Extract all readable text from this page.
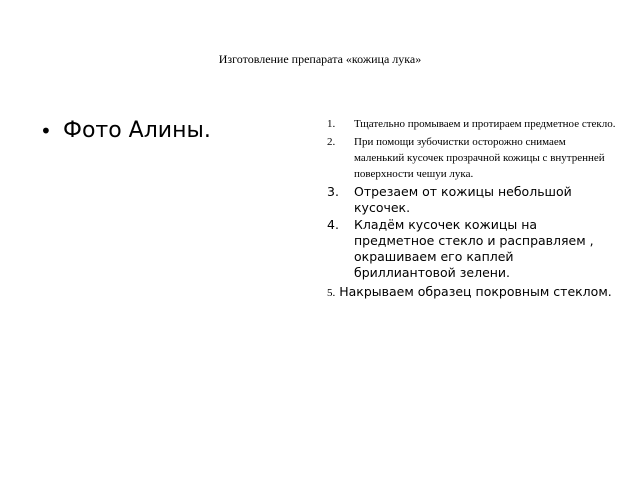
Изготовление препарата «кожица лука»
• Фото Алины.	1.	Тщательно промываем и протираем предметное стекло.
2.	При помощи зубочистки осторожно снимаем маленький кусочек прозрачной кожицы с внутренней поверхности чешуи лука.
3.	Отрезаем от кожицы небольшой кусочек.
4.	Кладём кусочек кожицы на предметное стекло и расправляем , окрашиваем его каплей бриллиантовой зелени.
5. Накрываем образец покровным стеклом.
